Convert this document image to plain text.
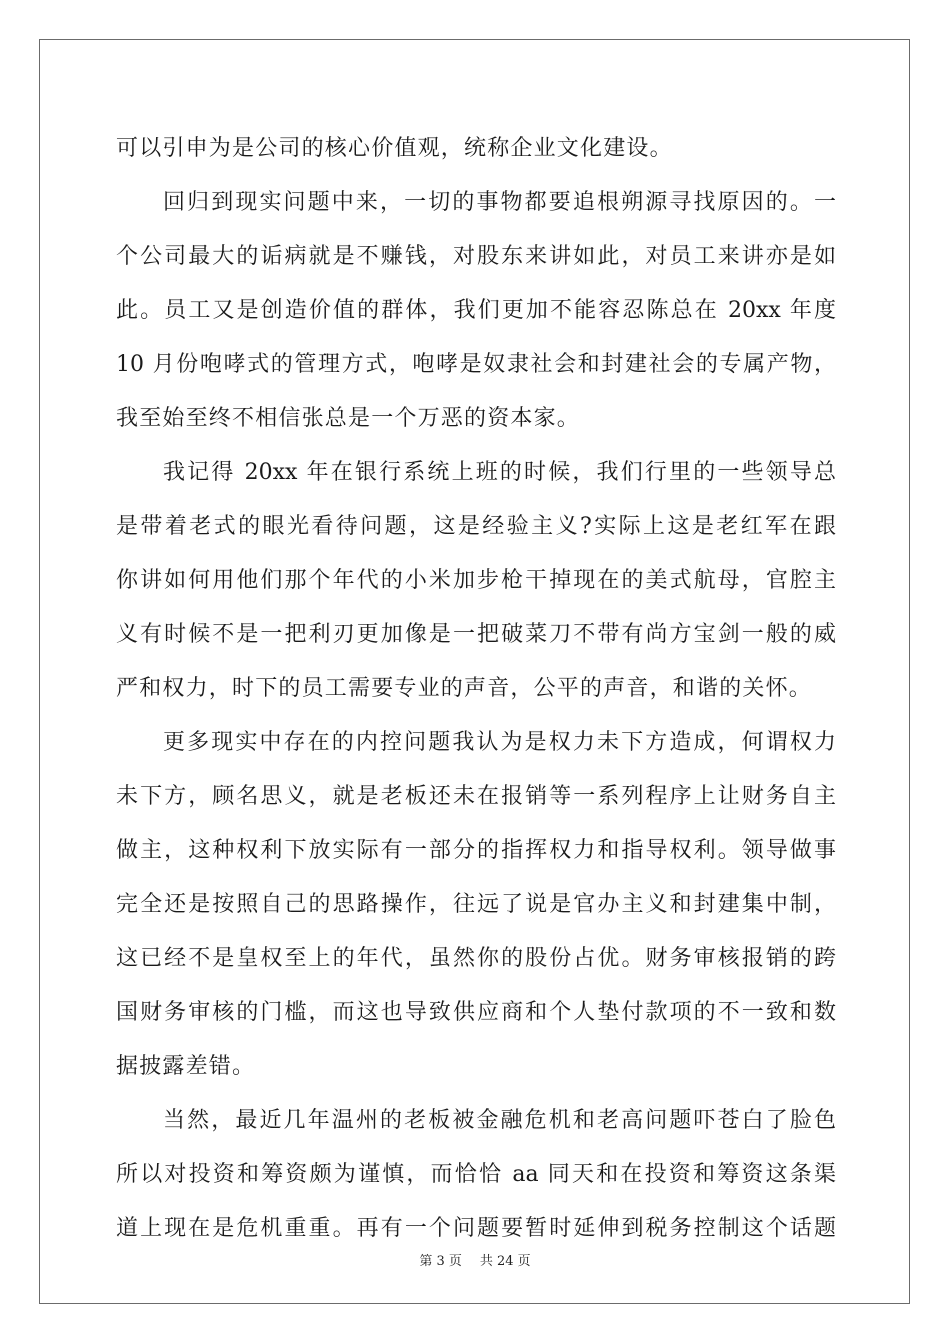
可以引申为是公司的核心价值观，统称企业文化建设。
回归到现实问题中来，一切的事物都要追根朔源寻找原因的。一
个公司最大的诟病就是不赚钱，对股东来讲如此，对员工来讲亦是如
此。员工又是创造价值的群体，我们更加不能容忍陈总在 20xx 年度
10 月份咆哮式的管理方式，咆哮是奴隶社会和封建社会的专属产物，
我至始至终不相信张总是一个万恶的资本家。
我记得 20xx 年在银行系统上班的时候，我们行里的一些领导总
是带着老式的眼光看待问题，这是经验主义?实际上这是老红军在跟
你讲如何用他们那个年代的小米加步枪干掉现在的美式航母，官腔主
义有时候不是一把利刃更加像是一把破菜刀不带有尚方宝剑一般的威
严和权力，时下的员工需要专业的声音，公平的声音，和谐的关怀。
更多现实中存在的内控问题我认为是权力未下方造成，何谓权力
未下方，顾名思义，就是老板还未在报销等一系列程序上让财务自主
做主，这种权利下放实际有一部分的指挥权力和指导权利。领导做事
完全还是按照自己的思路操作，往远了说是官办主义和封建集中制，
这已经不是皇权至上的年代，虽然你的股份占优。财务审核报销的跨
国财务审核的门槛，而这也导致供应商和个人垫付款项的不一致和数
据披露差错。
当然，最近几年温州的老板被金融危机和老高问题吓苍白了脸色
所以对投资和筹资颇为谨慎，而恰恰 aa 同天和在投资和筹资这条渠
道上现在是危机重重。再有一个问题要暂时延伸到税务控制这个话题
第 3 页 共 24 页
